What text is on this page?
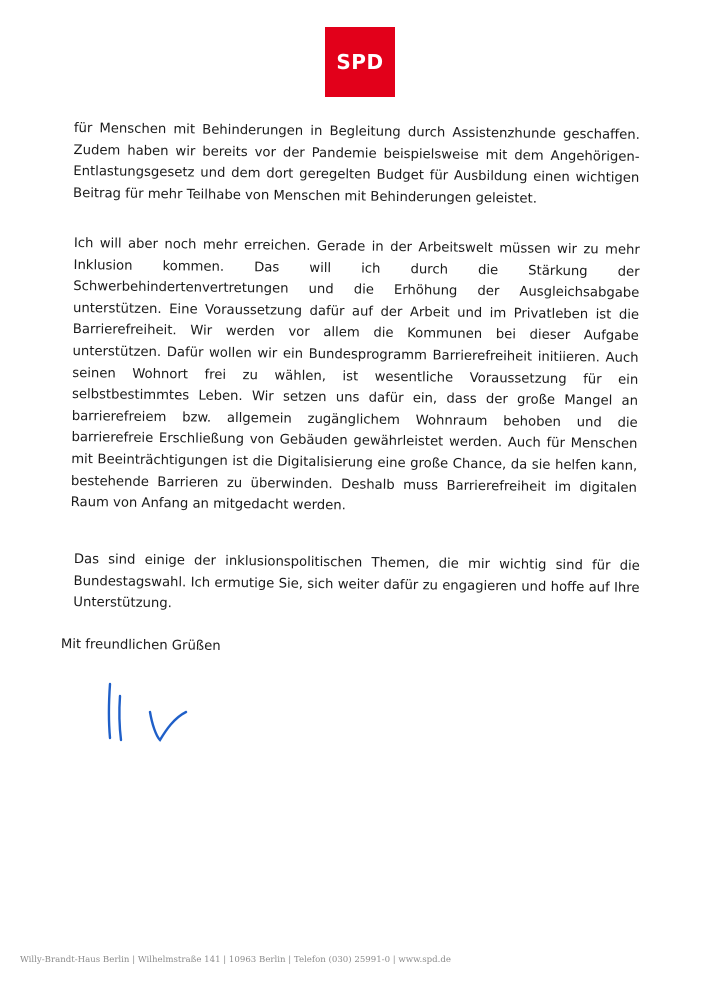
SPD
für Menschen mit Behinderungen in Begleitung durch Assistenzhunde geschaffen. Zudem haben wir bereits vor der Pandemie beispielsweise mit dem Angehörigen-Entlastungsgesetz und dem dort geregelten Budget für Ausbildung einen wichtigen Beitrag für mehr Teilhabe von Menschen mit Behinderungen geleistet.
Ich will aber noch mehr erreichen. Gerade in der Arbeitswelt müssen wir zu mehr Inklusion kommen. Das will ich durch die Stärkung der Schwerbehindertenvertretungen und die Erhöhung der Ausgleichsabgabe unterstützen. Eine Voraussetzung dafür auf der Arbeit und im Privatleben ist die Barrierefreiheit. Wir werden vor allem die Kommunen bei dieser Aufgabe unterstützen. Dafür wollen wir ein Bundesprogramm Barrierefreiheit initiieren. Auch seinen Wohnort frei zu wählen, ist wesentliche Voraussetzung für ein selbstbestimmtes Leben. Wir setzen uns dafür ein, dass der große Mangel an barrierefreiem bzw. allgemein zugänglichem Wohnraum behoben und die barrierefreie Erschließung von Gebäuden gewährleistet werden. Auch für Menschen mit Beeinträchtigungen ist die Digitalisierung eine große Chance, da sie helfen kann, bestehende Barrieren zu überwinden. Deshalb muss Barrierefreiheit im digitalen Raum von Anfang an mitgedacht werden.
Das sind einige der inklusionspolitischen Themen, die mir wichtig sind für die Bundestagswahl. Ich ermutige Sie, sich weiter dafür zu engagieren und hoffe auf Ihre Unterstützung.
Mit freundlichen Grüßen
Willy-Brandt-Haus Berlin | Wilhelmstraße 141 | 10963 Berlin | Telefon (030) 25991-0 | www.spd.de
